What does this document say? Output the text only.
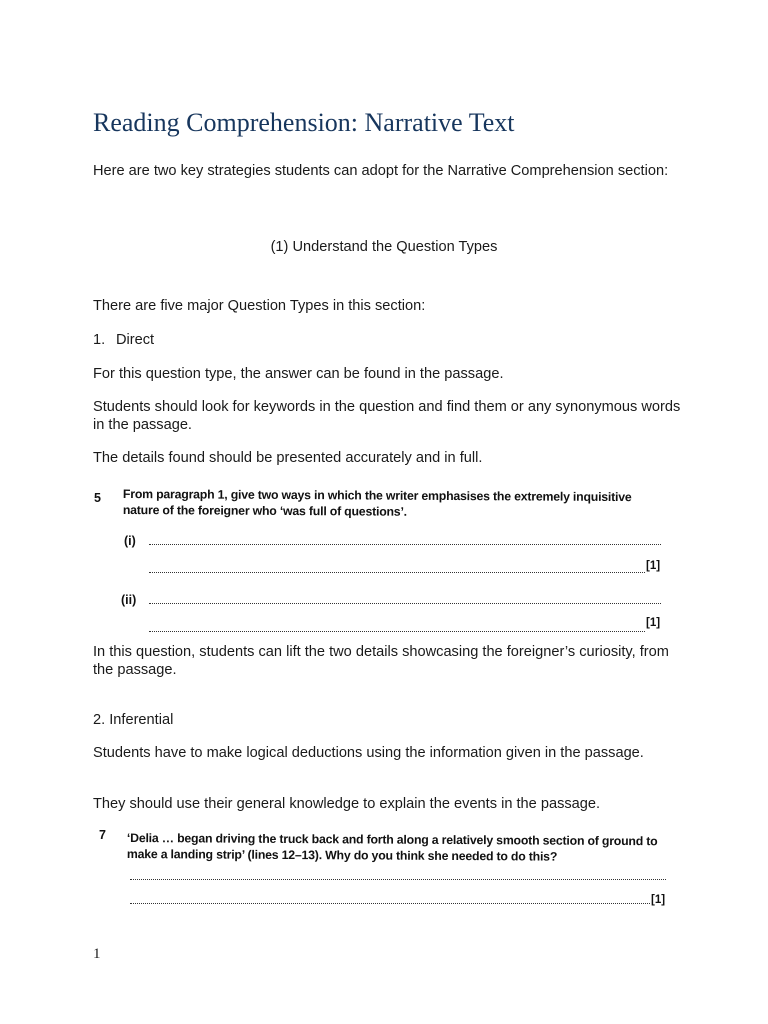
Reading Comprehension: Narrative Text

Here are two key strategies students can adopt for the Narrative Comprehension section:

(1) Understand the Question Types

There are five major Question Types in this section:

1. Direct

For this question type, the answer can be found in the passage.

Students should look for keywords in the question and find them or any synonymous words in the passage.

The details found should be presented accurately and in full.

5 From paragraph 1, give two ways in which the writer emphasises the extremely inquisitive nature of the foreigner who ‘was full of questions’.
(i)
[1]
(ii)
[1]

In this question, students can lift the two details showcasing the foreigner’s curiosity, from the passage.

2. Inferential

Students have to make logical deductions using the information given in the passage.

They should use their general knowledge to explain the events in the passage.

7 ‘Delia … began driving the truck back and forth along a relatively smooth section of ground to make a landing strip’ (lines 12–13). Why do you think she needed to do this?
[1]
1
